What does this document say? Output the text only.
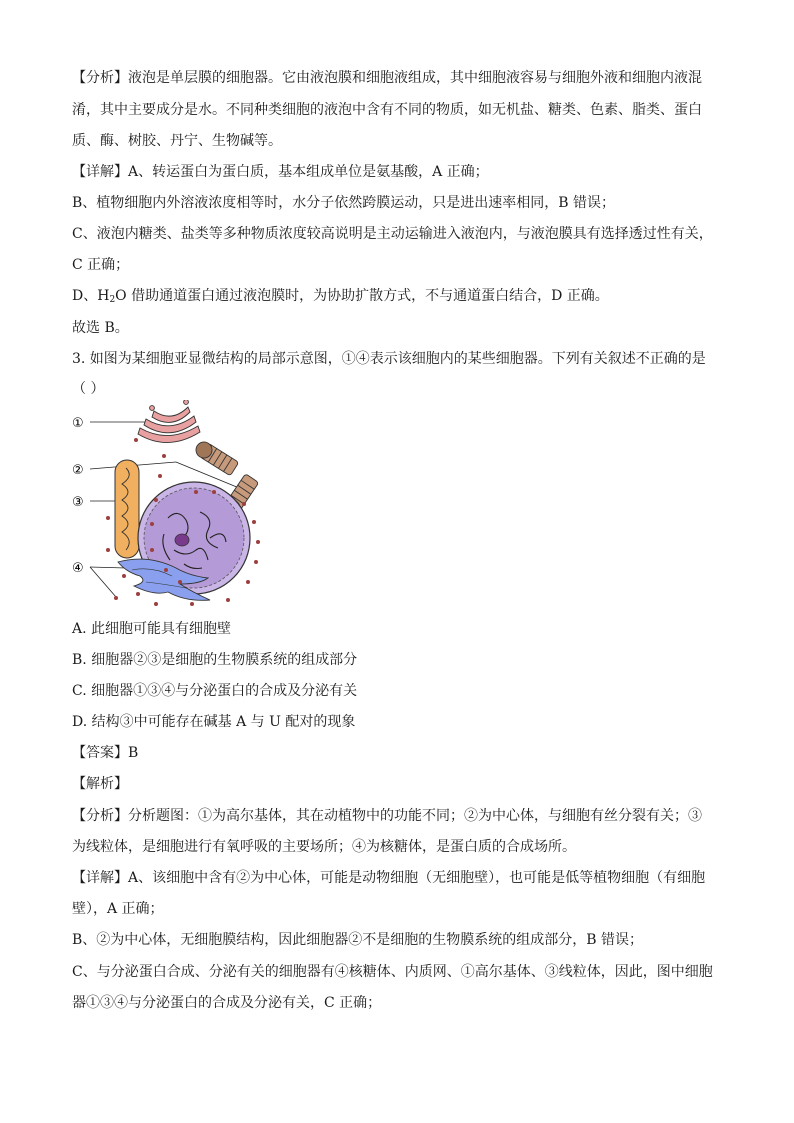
【分析】液泡是单层膜的细胞器。它由液泡膜和细胞液组成，其中细胞液容易与细胞外液和细胞内液混
淆，其中主要成分是水。不同种类细胞的液泡中含有不同的物质，如无机盐、糖类、色素、脂类、蛋白
质、酶、树胶、丹宁、生物碱等。
【详解】A、转运蛋白为蛋白质，基本组成单位是氨基酸，A 正确；
B、植物细胞内外溶液浓度相等时，水分子依然跨膜运动，只是进出速率相同，B 错误；
C、液泡内糖类、盐类等多种物质浓度较高说明是主动运输进入液泡内，与液泡膜具有选择透过性有关，
C 正确；
D、$H_2O$ 借助通道蛋白通过液泡膜时，为协助扩散方式，不与通道蛋白结合，D 正确。
故选 B。
3. 如图为某细胞亚显微结构的局部示意图，①④表示该细胞内的某些细胞器。下列有关叙述不正确的是
（ ）
①
②
③
④
A. 此细胞可能具有细胞壁
B. 细胞器②③是细胞的生物膜系统的组成部分
C. 细胞器①③④与分泌蛋白的合成及分泌有关
D. 结构③中可能存在碱基 A 与 U 配对的现象
【答案】B
【解析】
【分析】分析题图：①为高尔基体，其在动植物中的功能不同；②为中心体，与细胞有丝分裂有关；③
为线粒体，是细胞进行有氧呼吸的主要场所；④为核糖体，是蛋白质的合成场所。
【详解】A、该细胞中含有②为中心体，可能是动物细胞（无细胞壁），也可能是低等植物细胞（有细胞
壁），A 正确；
B、②为中心体，无细胞膜结构，因此细胞器②不是细胞的生物膜系统的组成部分，B 错误；
C、与分泌蛋白合成、分泌有关的细胞器有④核糖体、内质网、①高尔基体、③线粒体，因此，图中细胞
器①③④与分泌蛋白的合成及分泌有关，C 正确；
